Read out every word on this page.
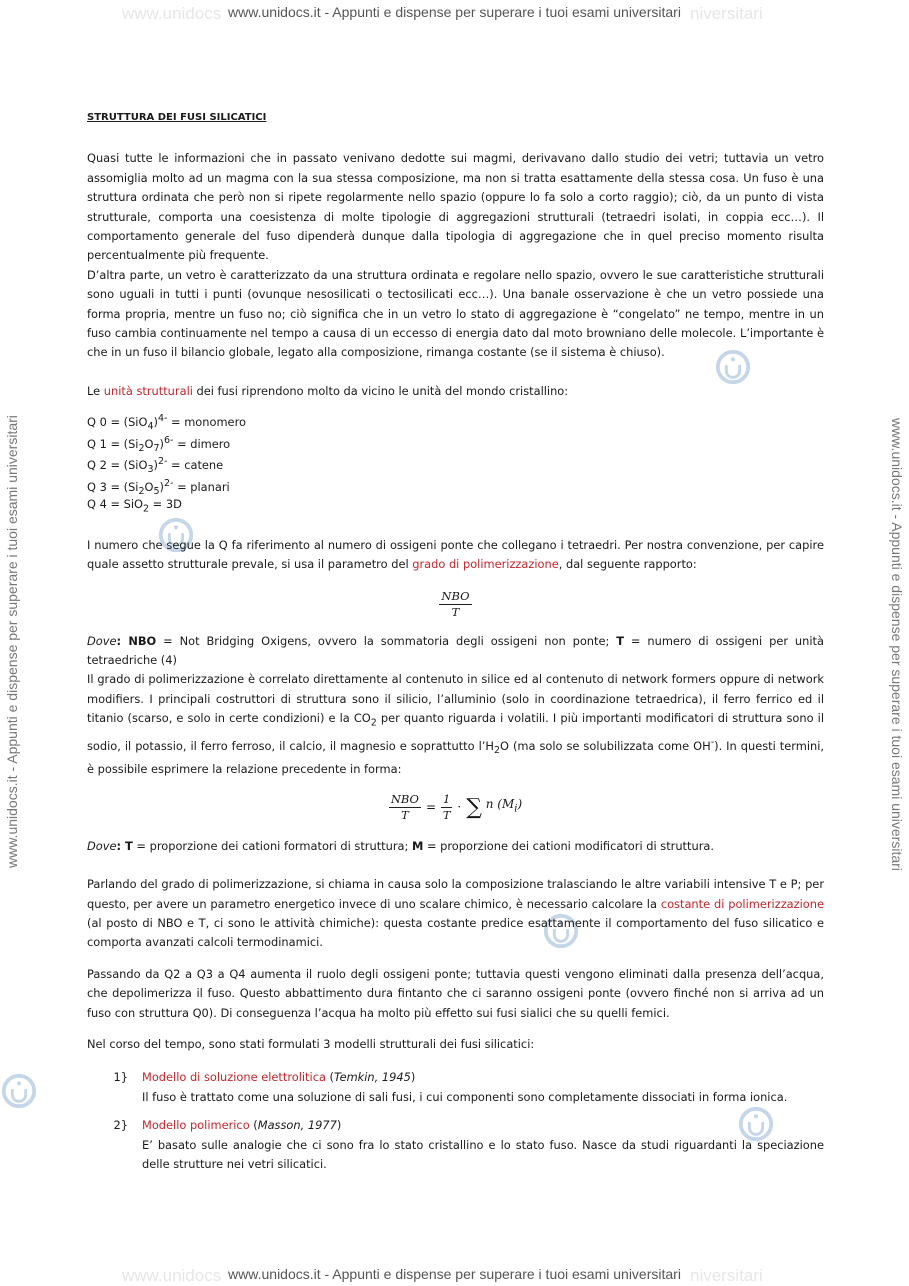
www.unidocs	niversitari
www.unidocs.it - Appunti e dispense per superare i tuoi esami universitari
www.unidocs	niversitari
www.unidocs.it - Appunti e dispense per superare i tuoi esami universitari
www.unidocs.it - Appunti e dispense per superare i tuoi esami universitari	www.unidocs.it - Appunti e dispense per superare i tuoi esami universitari
STRUTTURA DEI FUSI SILICATICI

Quasi tutte le informazioni che in passato venivano dedotte sui magmi, derivavano dallo studio dei vetri; tuttavia un vetro assomiglia molto ad un magma con la sua stessa composizione, ma non si tratta esattamente della stessa cosa. Un fuso è una struttura ordinata che però non si ripete regolarmente nello spazio (oppure lo fa solo a corto raggio); ciò, da un punto di vista strutturale, comporta una coesistenza di molte tipologie di aggregazioni strutturali (tetraedri isolati, in coppia ecc…). Il comportamento generale del fuso dipenderà dunque dalla tipologia di aggregazione che in quel preciso momento risulta percentualmente più frequente.

D’altra parte, un vetro è caratterizzato da una struttura ordinata e regolare nello spazio, ovvero le sue caratteristiche strutturali sono uguali in tutti i punti (ovunque nesosilicati o tectosilicati ecc…). Una banale osservazione è che un vetro possiede una forma propria, mentre un fuso no; ciò significa che in un vetro lo stato di aggregazione è “congelato” ne tempo, mentre in un fuso cambia continuamente nel tempo a causa di un eccesso di energia dato dal moto browniano delle molecole. L’importante è che in un fuso il bilancio globale, legato alla composizione, rimanga costante (se il sistema è chiuso).

Le unità strutturali dei fusi riprendono molto da vicino le unità del mondo cristallino:

Q $0 = (SiO_4)^{4-}$ = monomero
Q $1 = (Si_2O_7)^{6-}$ = dimero
Q $2 = (SiO_3)^{2-}$ = catene
Q $3 = (Si_2O_5)^{2-}$ = planari
Q 4 = SiO$_2$ = 3D

I numero che segue la Q fa riferimento al numero di ossigeni ponte che collegano i tetraedri. Per nostra convenzione, per capire quale assetto strutturale prevale, si usa il parametro del grado di polimerizzazione, dal seguente rapporto:

$\frac{\text{NBO}}{T}$

Dove: NBO = Not Bridging Oxigens, ovvero la sommatoria degli ossigeni non ponte; T = numero di ossigeni per unità tetraedriche (4)

Il grado di polimerizzazione è correlato direttamente al contenuto in silice ed al contenuto di network formers oppure di network modifiers. I principali costruttori di struttura sono il silicio, l’alluminio (solo in coordinazione tetraedrica), il ferro ferrico ed il titanio (scarso, e solo in certe condizioni) e la $CO_2$ per quanto riguarda i volatili. I più importanti modificatori di struttura sono il sodio, il potassio, il ferro ferroso, il calcio, il magnesio e soprattutto $l’H_2O$ (ma solo se solubilizzata come OH-). In questi termini, è possibile esprimere la relazione precedente in forma:

$\frac{\text{NBO}}{T} = \frac{1}{T}$ · ∑ n $(M_i)$

Dove: T = proporzione dei cationi formatori di struttura; M = proporzione dei cationi modificatori di struttura.

Parlando del grado di polimerizzazione, si chiama in causa solo la composizione tralasciando le altre variabili intensive T e P; per questo, per avere un parametro energetico invece di uno scalare chimico, è necessario calcolare la costante di polimerizzazione (al posto di NBO e T, ci sono le attività chimiche): questa costante predice esattamente il comportamento del fuso silicatico e comporta avanzati calcoli termodinamici.

Passando da Q2 a Q3 a Q4 aumenta il ruolo degli ossigeni ponte; tuttavia questi vengono eliminati dalla presenza dell’acqua, che depolimerizza il fuso. Questo abbattimento dura fintanto che ci saranno ossigeni ponte (ovvero finché non si arriva ad un fuso con struttura Q0). Di conseguenza l’acqua ha molto più effetto sui fusi sialici che su quelli femici.

Nel corso del tempo, sono stati formulati 3 modelli strutturali dei fusi silicatici:

1}	Modello di soluzione elettrolitica (Temkin, 1945)

Il fuso è trattato come una soluzione di sali fusi, i cui componenti sono completamente dissociati in forma ionica.

2}	Modello polimerico (Masson, 1977)

E’ basato sulle analogie che ci sono fra lo stato cristallino e lo stato fuso. Nasce da studi riguardanti la speciazione delle strutture nei vetri silicatici.
